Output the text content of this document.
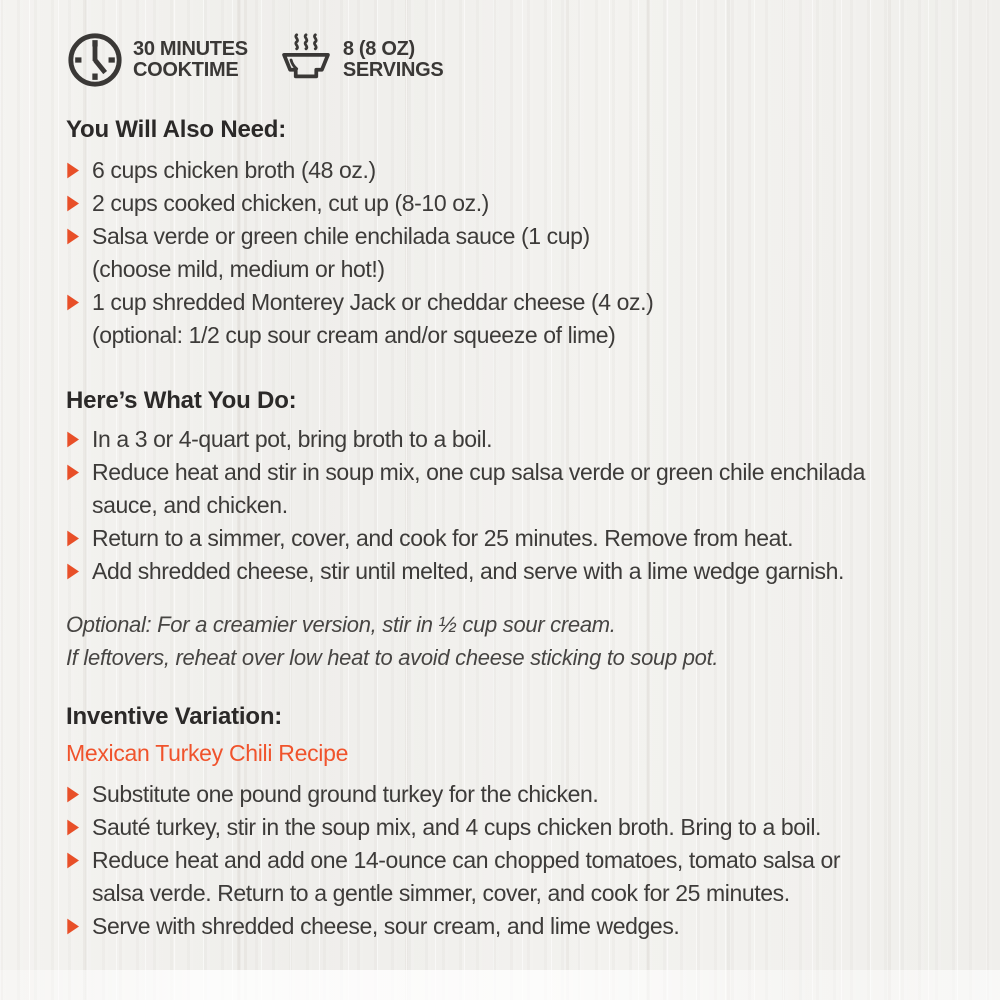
30 MINUTES
COOKTIME
8 (8 OZ)
SERVINGS
You Will Also Need:
6 cups chicken broth (48 oz.)
2 cups cooked chicken, cut up (8-10 oz.)
Salsa verde or green chile enchilada sauce (1 cup)
(choose mild, medium or hot!)
1 cup shredded Monterey Jack or cheddar cheese (4 oz.)
(optional: 1/2 cup sour cream and/or squeeze of lime)
Here’s What You Do:
In a 3 or 4-quart pot, bring broth to a boil.
Reduce heat and stir in soup mix, one cup salsa verde or green chile enchilada
sauce, and chicken.
Return to a simmer, cover, and cook for 25 minutes. Remove from heat.
Add shredded cheese, stir until melted, and serve with a lime wedge garnish.
Optional: For a creamier version, stir in ½ cup sour cream.
If leftovers, reheat over low heat to avoid cheese sticking to soup pot.
Inventive Variation:
Mexican Turkey Chili Recipe
Substitute one pound ground turkey for the chicken.
Sauté turkey, stir in the soup mix, and 4 cups chicken broth. Bring to a boil.
Reduce heat and add one 14-ounce can chopped tomatoes, tomato salsa or
salsa verde. Return to a gentle simmer, cover, and cook for 25 minutes.
Serve with shredded cheese, sour cream, and lime wedges.
